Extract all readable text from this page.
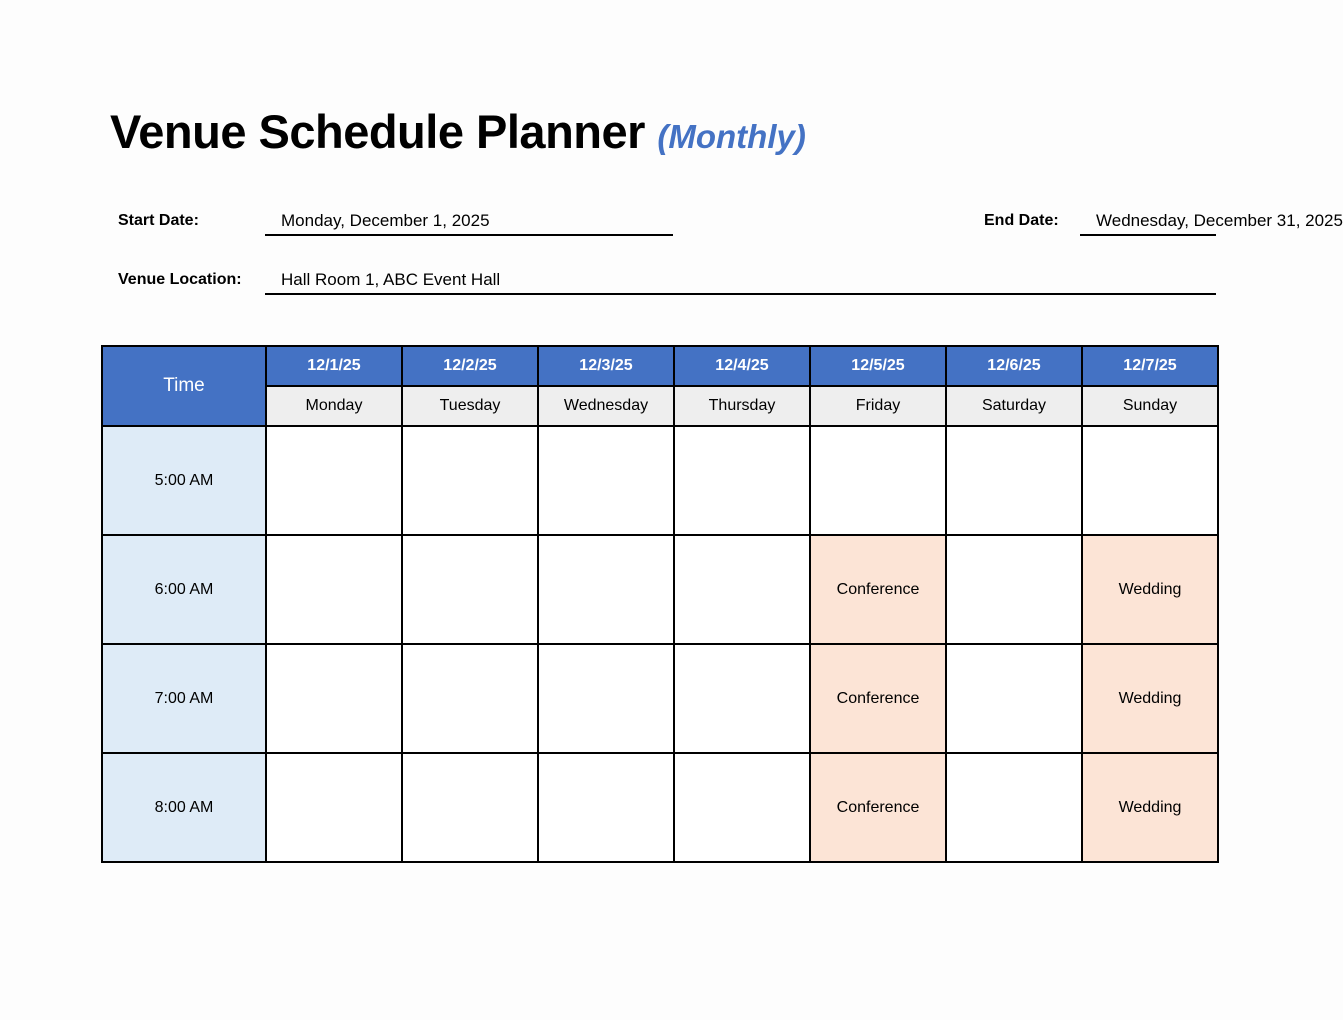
Venue Schedule Planner (Monthly)
Start Date:	Monday, December 1, 2025	End Date:	Wednesday, December 31, 2025
Venue Location:	Hall Room 1, ABC Event Hall
Time	12/1/25	12/2/25	12/3/25	12/4/25	12/5/25	12/6/25	12/7/25
	Monday	Tuesday	Wednesday	Thursday	Friday	Saturday	Sunday
5:00 AM							
6:00 AM					Conference		Wedding
7:00 AM					Conference		Wedding
8:00 AM					Conference		Wedding
